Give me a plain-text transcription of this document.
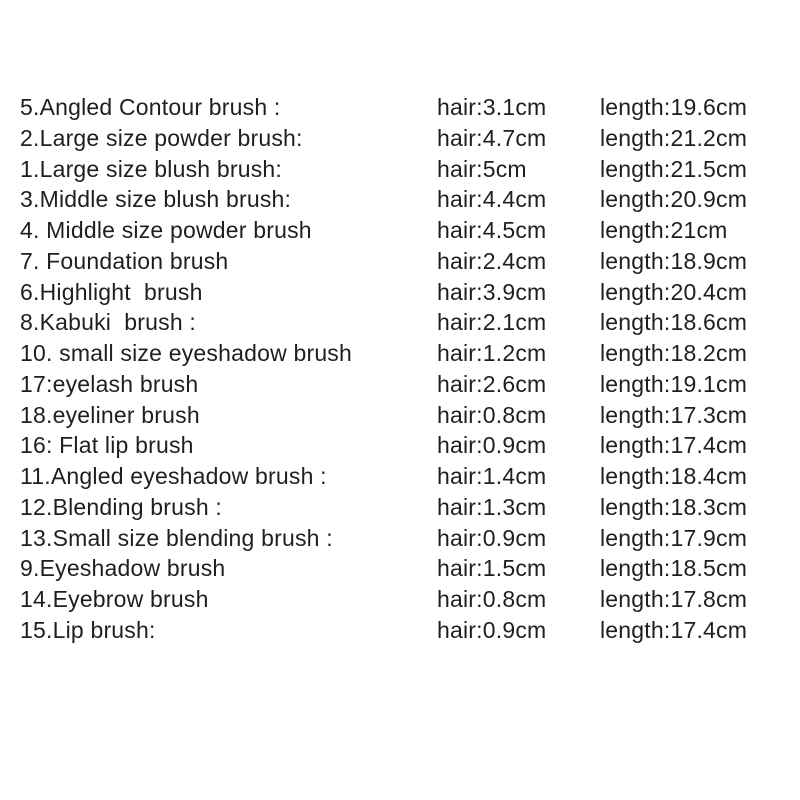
5.Angled Contour brush :	hair:3.1cm	length:19.6cm
2.Large size powder brush:	hair:4.7cm	length:21.2cm
1.Large size blush brush:	hair:5cm	length:21.5cm
3.Middle size blush brush:	hair:4.4cm	length:20.9cm
4. Middle size powder brush	hair:4.5cm	length:21cm
7. Foundation brush	hair:2.4cm	length:18.9cm
6.Highlight  brush	hair:3.9cm	length:20.4cm
8.Kabuki  brush :	hair:2.1cm	length:18.6cm
10. small size eyeshadow brush	hair:1.2cm	length:18.2cm
17:eyelash brush	hair:2.6cm	length:19.1cm
18.eyeliner brush	hair:0.8cm	length:17.3cm
16: Flat lip brush	hair:0.9cm	length:17.4cm
11.Angled eyeshadow brush :	hair:1.4cm	length:18.4cm
12.Blending brush :	hair:1.3cm	length:18.3cm
13.Small size blending brush :	hair:0.9cm	length:17.9cm
9.Eyeshadow brush	hair:1.5cm	length:18.5cm
14.Eyebrow brush	hair:0.8cm	length:17.8cm
15.Lip brush:	hair:0.9cm	length:17.4cm
